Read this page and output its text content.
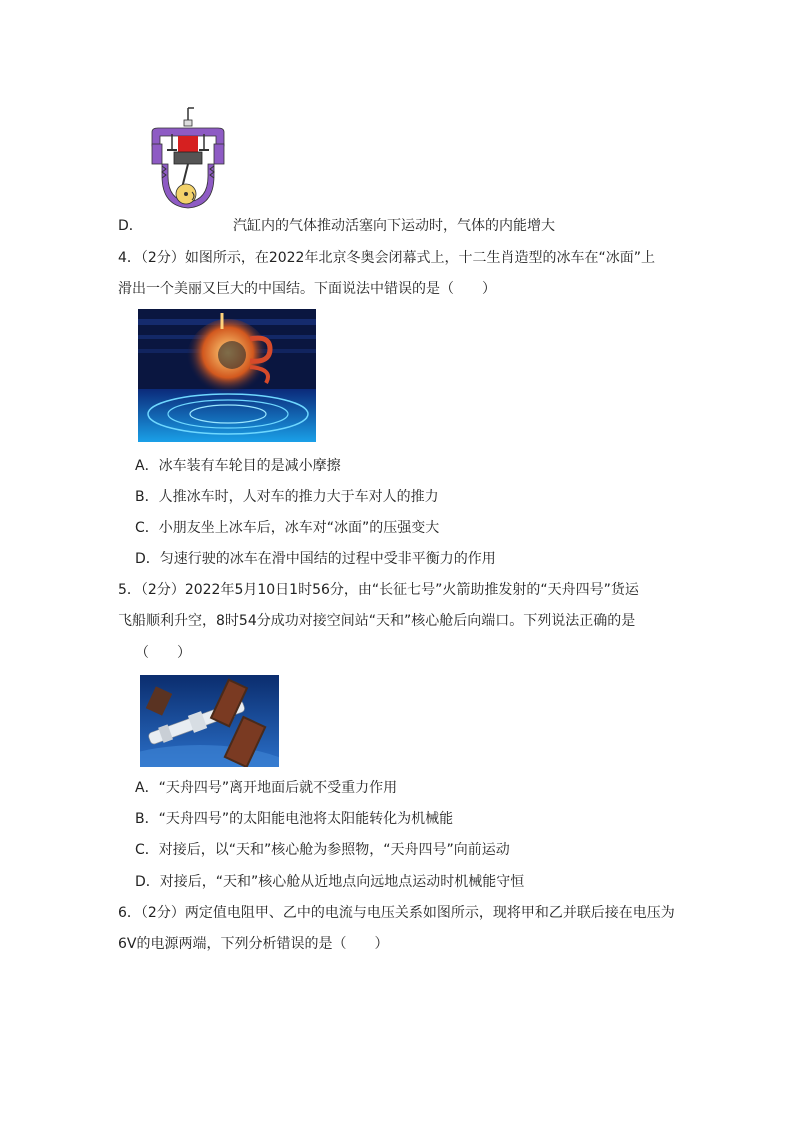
D．	汽缸内的气体推动活塞向下运动时，气体的内能增大
4．（2分）如图所示，在2022年北京冬奥会闭幕式上，十二生肖造型的冰车在“冰面”上
滑出一个美丽又巨大的中国结。下面说法中错误的是（　　）
A．冰车装有车轮目的是减小摩擦
B．人推冰车时，人对车的推力大于车对人的推力
C．小朋友坐上冰车后，冰车对“冰面”的压强变大
D．匀速行驶的冰车在滑中国结的过程中受非平衡力的作用
5．（2分）2022年5月10日1时56分，由“长征七号”火箭助推发射的“天舟四号”货运
飞船顺利升空，8时54分成功对接空间站“天和”核心舱后向端口。下列说法正确的是
（　　）
A．“天舟四号”离开地面后就不受重力作用
B．“天舟四号”的太阳能电池将太阳能转化为机械能
C．对接后，以“天和”核心舱为参照物，“天舟四号”向前运动
D．对接后，“天和”核心舱从近地点向远地点运动时机械能守恒
6．（2分）两定值电阻甲、乙中的电流与电压关系如图所示，现将甲和乙并联后接在电压为
6V的电源两端，下列分析错误的是（　　）
